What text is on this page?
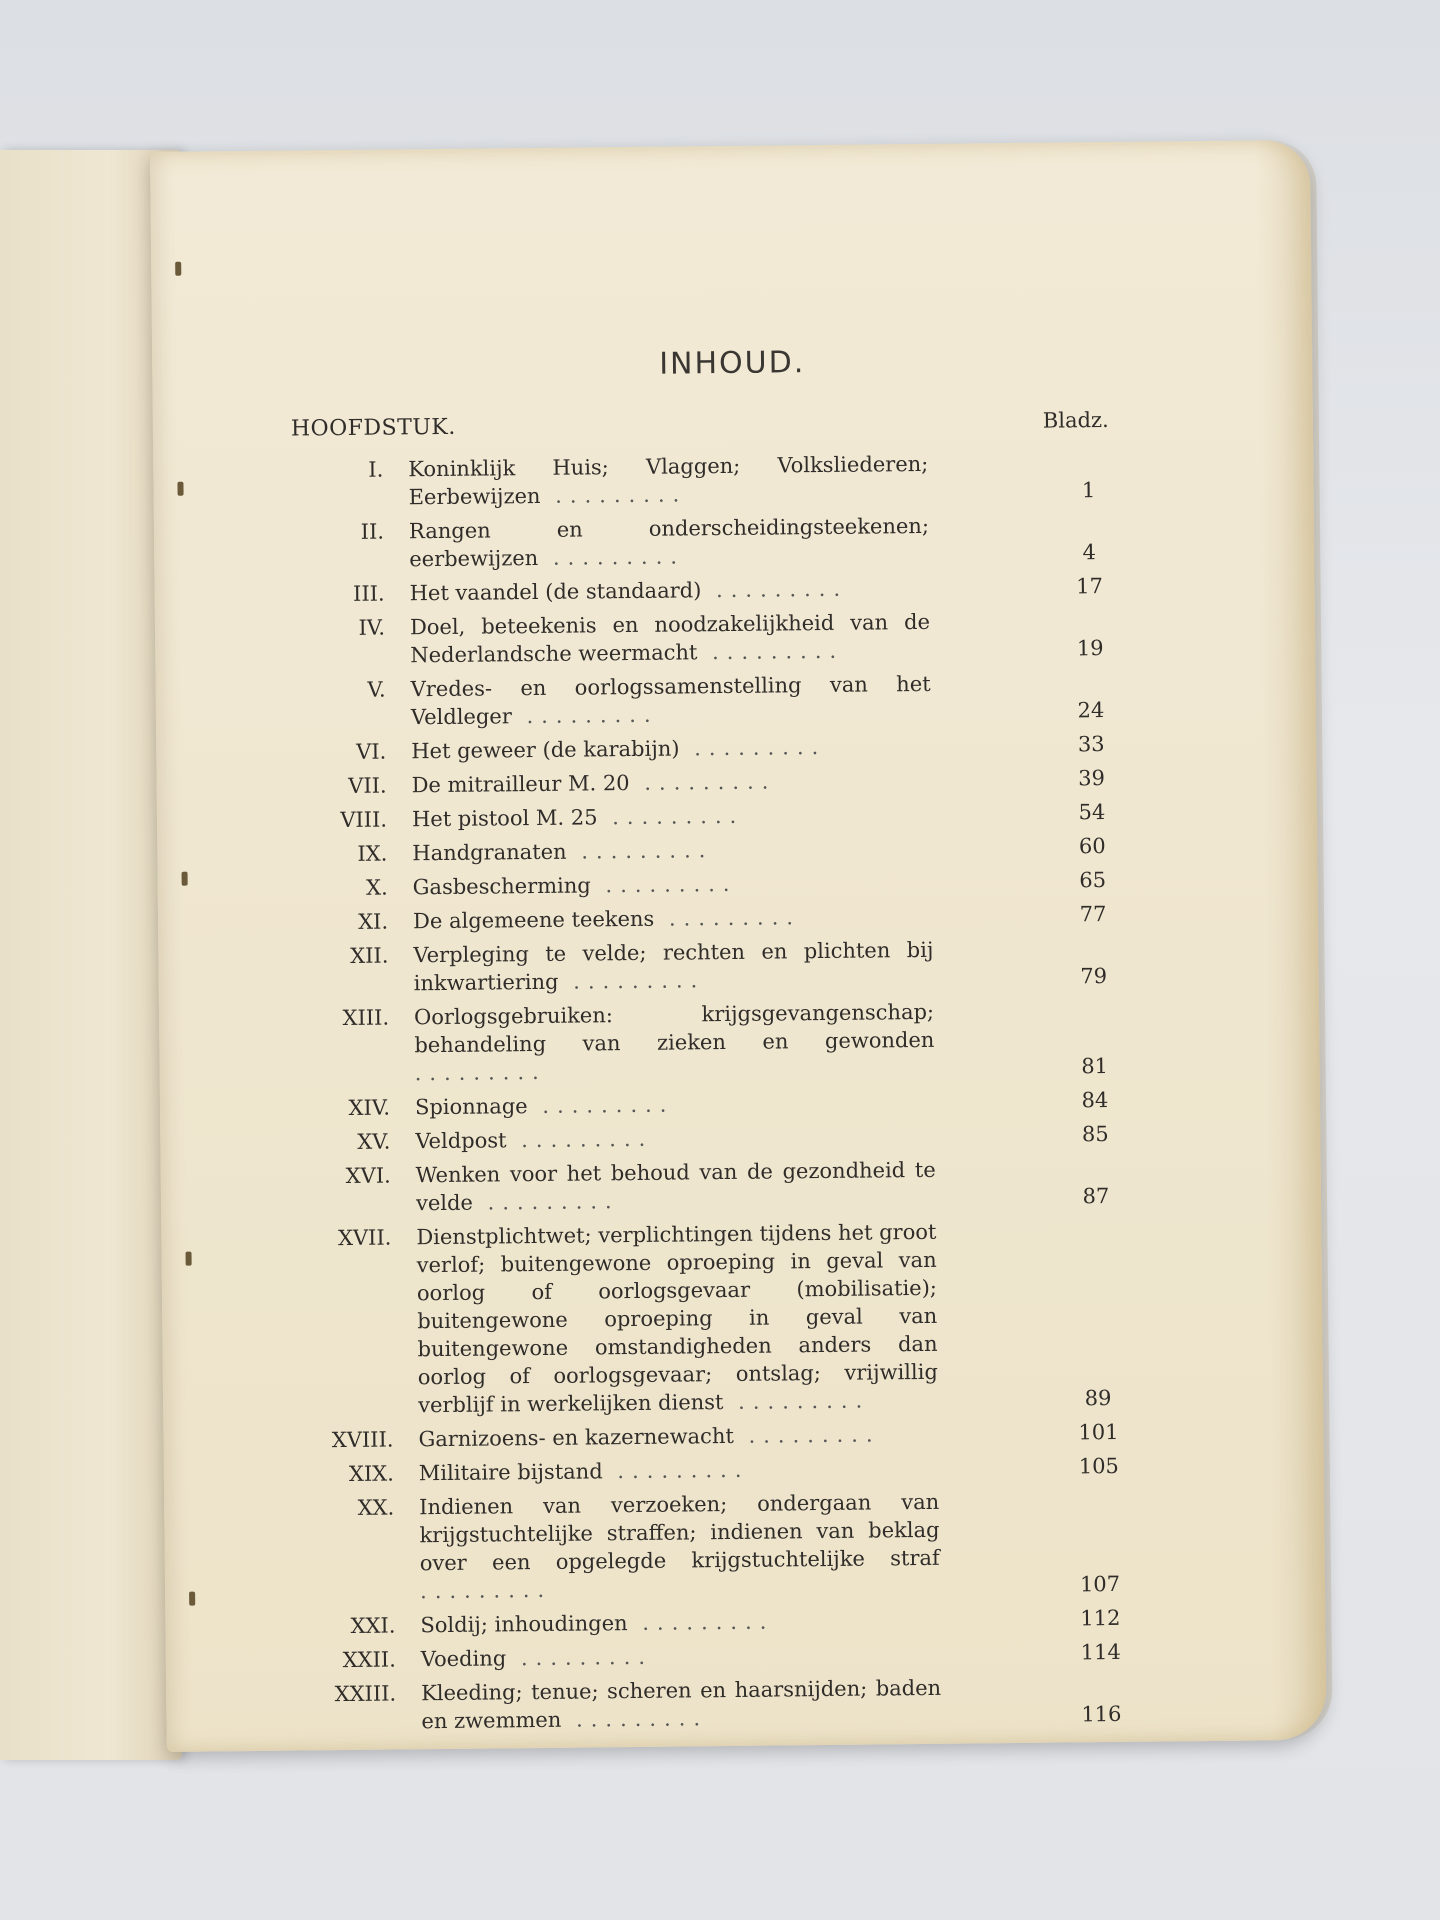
INHOUD.
HOOFDSTUK.	Bladz.
I. Koninklijk Huis; Vlaggen; Volksliederen; Eerbewijzen .........	1
II. Rangen en onderscheidingsteekenen; eerbewijzen .........	4
III. Het vaandel (de standaard) .........	17
IV. Doel, beteekenis en noodzakelijkheid van de Nederlandsche weermacht .........	19
V. Vredes- en oorlogssamenstelling van het Veldleger .........	24
VI. Het geweer (de karabijn) .........	33
VII. De mitrailleur M. 20 .........	39
VIII. Het pistool M. 25 .........	54
IX. Handgranaten .........	60
X. Gasbescherming .........	65
XI. De algemeene teekens .........	77
XII. Verpleging te velde; rechten en plichten bij inkwartiering .........	79
XIII. Oorlogsgebruiken: krijgsgevangenschap; behandeling van zieken en gewonden .........	81
XIV. Spionnage .........	84
XV. Veldpost .........	85
XVI. Wenken voor het behoud van de gezondheid te velde .........	87
XVII. Dienstplichtwet; verplichtingen tijdens het groot verlof; buitengewone oproeping in geval van oorlog of oorlogsgevaar (mobilisatie); buitengewone oproeping in geval van buitengewone omstandigheden anders dan oorlog of oorlogsgevaar; ontslag; vrijwillig verblijf in werkelijken dienst .........	89
XVIII. Garnizoens- en kazernewacht .........	101
XIX. Militaire bijstand .........	105
XX. Indienen van verzoeken; ondergaan van krijgstuchtelijke straffen; indienen van beklag over een opgelegde krijgstuchtelijke straf .........	107
XXI. Soldij; inhoudingen .........	112
XXII. Voeding .........	114
XXIII. Kleeding; tenue; scheren en haarsnijden; baden en zwemmen .........	116
